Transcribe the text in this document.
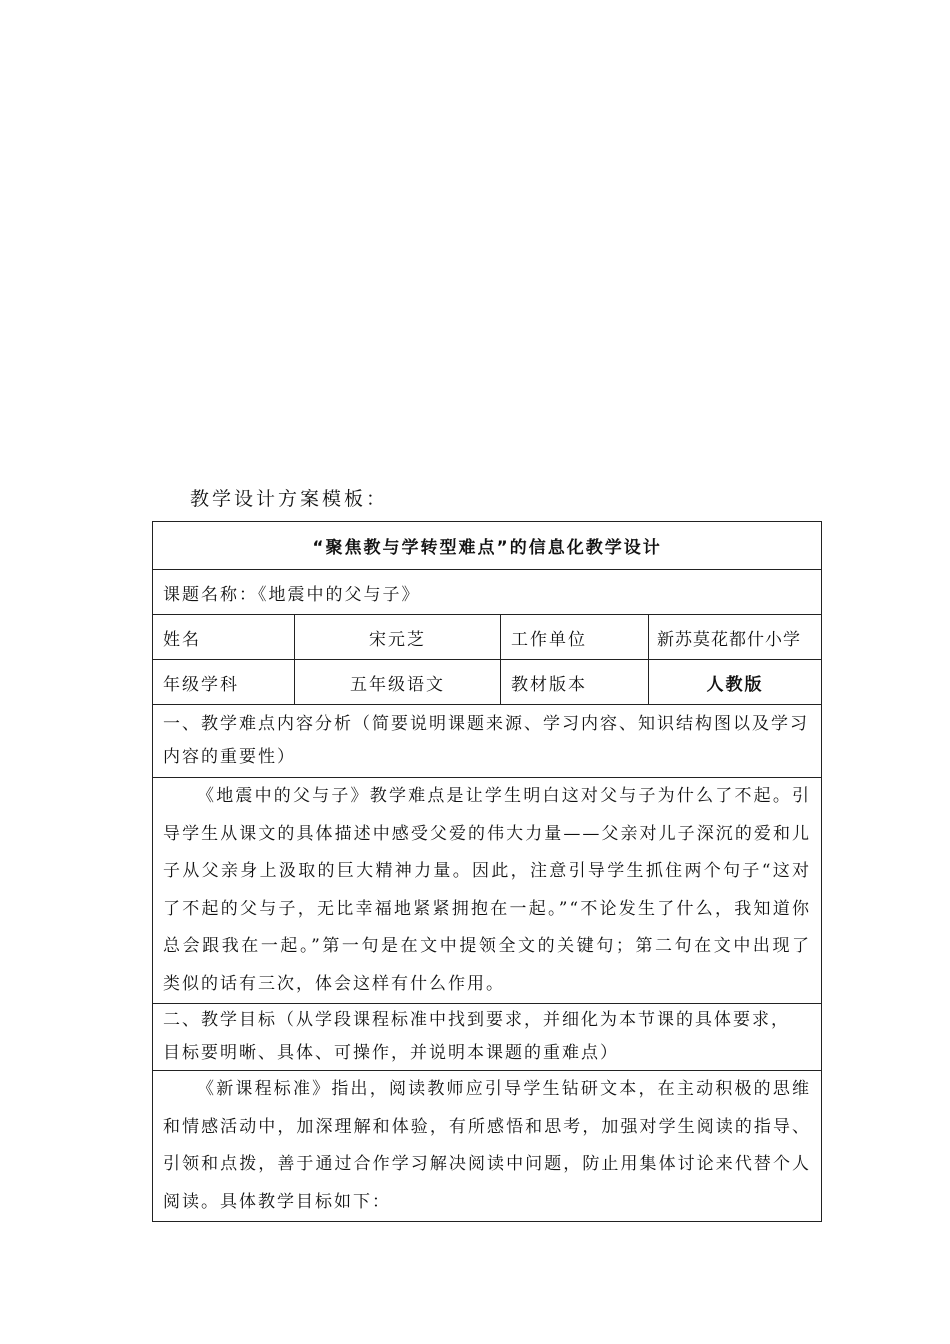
教学设计方案模板：
“聚焦教与学转型难点”的信息化教学设计			
课题名称：《地震中的父与子》			
姓名	宋元芝	工作单位	新苏莫花都什小学
年级学科	五年级语文	教材版本	人教版
一、教学难点内容分析（简要说明课题来源、学习内容、知识结构图以及学习内容的重要性）			

《地震中的父与子》教学难点是让学生明白这对父与子为什么了不起。引导学生从课文的具体描述中感受父爱的伟大力量——父亲对儿子深沉的爱和儿子从父亲身上汲取的巨大精神力量。因此，注意引导学生抓住两个句子“这对了不起的父与子，无比幸福地紧紧拥抱在一起。”“不论发生了什么，我知道你总会跟我在一起。”第一句是在文中提领全文的关键句；第二句在文中出现了类似的话有三次，体会这样有什么作用。			

二、教学目标（从学段课程标准中找到要求，并细化为本节课的具体要求，
目标要明晰、具体、可操作，并说明本课题的重难点）			

《新课程标准》指出，阅读教师应引导学生钻研文本，在主动积极的思维和情感活动中，加深理解和体验，有所感悟和思考，加强对学生阅读的指导、引领和点拨，善于通过合作学习解决阅读中问题，防止用集体讨论来代替个人阅读。具体教学目标如下：			
